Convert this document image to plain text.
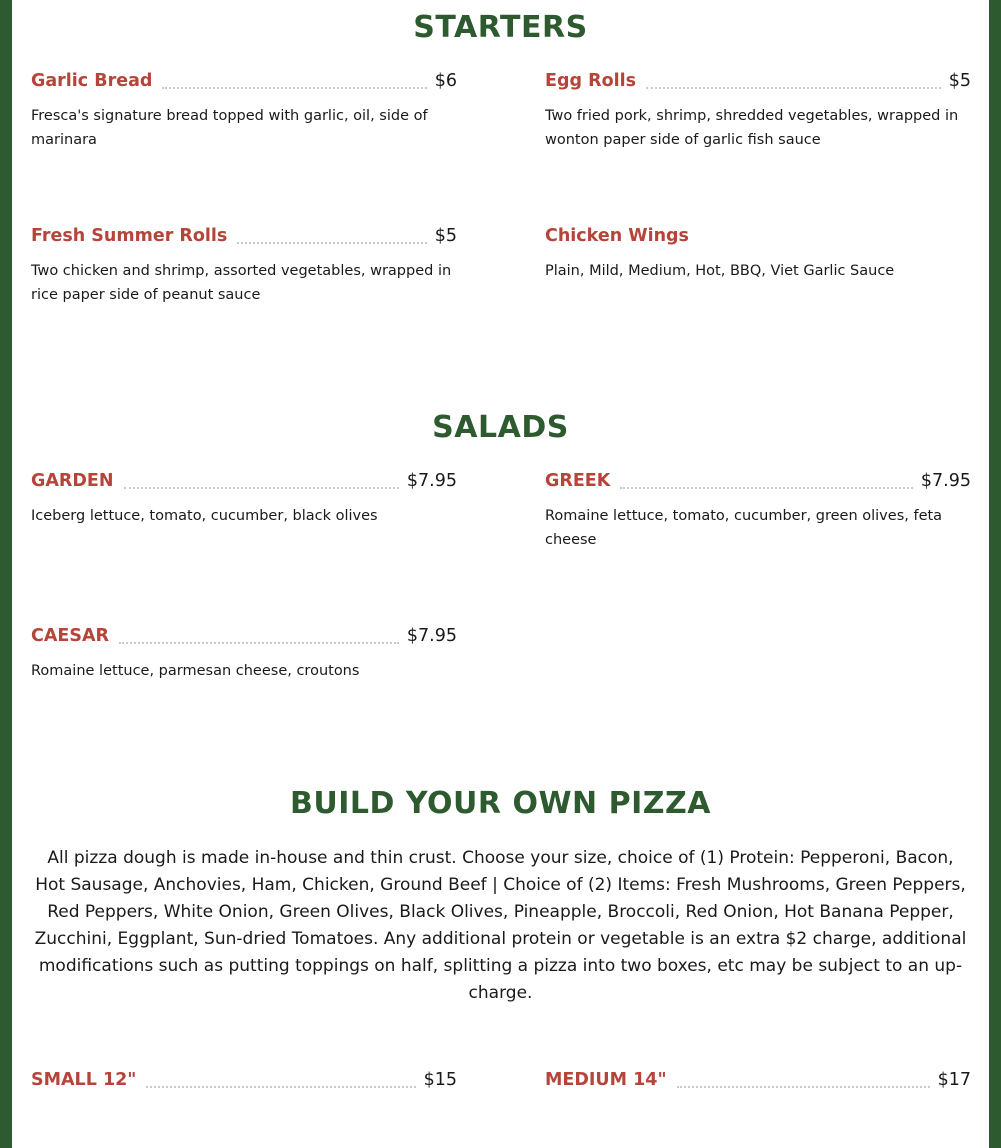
STARTERS
Garlic Bread	$6

Fresca's signature bread topped with garlic, oil, side of marinara

Egg Rolls	$5

Two fried pork, shrimp, shredded vegetables, wrapped in wonton paper side of garlic fish sauce

Fresh Summer Rolls	$5

Two chicken and shrimp, assorted vegetables, wrapped in rice paper side of peanut sauce

Chicken Wings

Plain, Mild, Medium, Hot, BBQ, Viet Garlic Sauce

SALADS
GARDEN	$7.95

Iceberg lettuce, tomato, cucumber, black olives

GREEK	$7.95

Romaine lettuce, tomato, cucumber, green olives, feta cheese

CAESAR	$7.95

Romaine lettuce, parmesan cheese, croutons

BUILD YOUR OWN PIZZA

All pizza dough is made in-house and thin crust. Choose your size, choice of (1) Protein: Pepperoni, Bacon, Hot Sausage, Anchovies, Ham, Chicken, Ground Beef | Choice of (2) Items: Fresh Mushrooms, Green Peppers, Red Peppers, White Onion, Green Olives, Black Olives, Pineapple, Broccoli, Red Onion, Hot Banana Pepper, Zucchini, Eggplant, Sun-dried Tomatoes. Any additional protein or vegetable is an extra $2 charge, additional modifications such as putting toppings on half, splitting a pizza into two boxes, etc may be subject to an up-charge.

SMALL 12"	$15	MEDIUM 14"	$17
